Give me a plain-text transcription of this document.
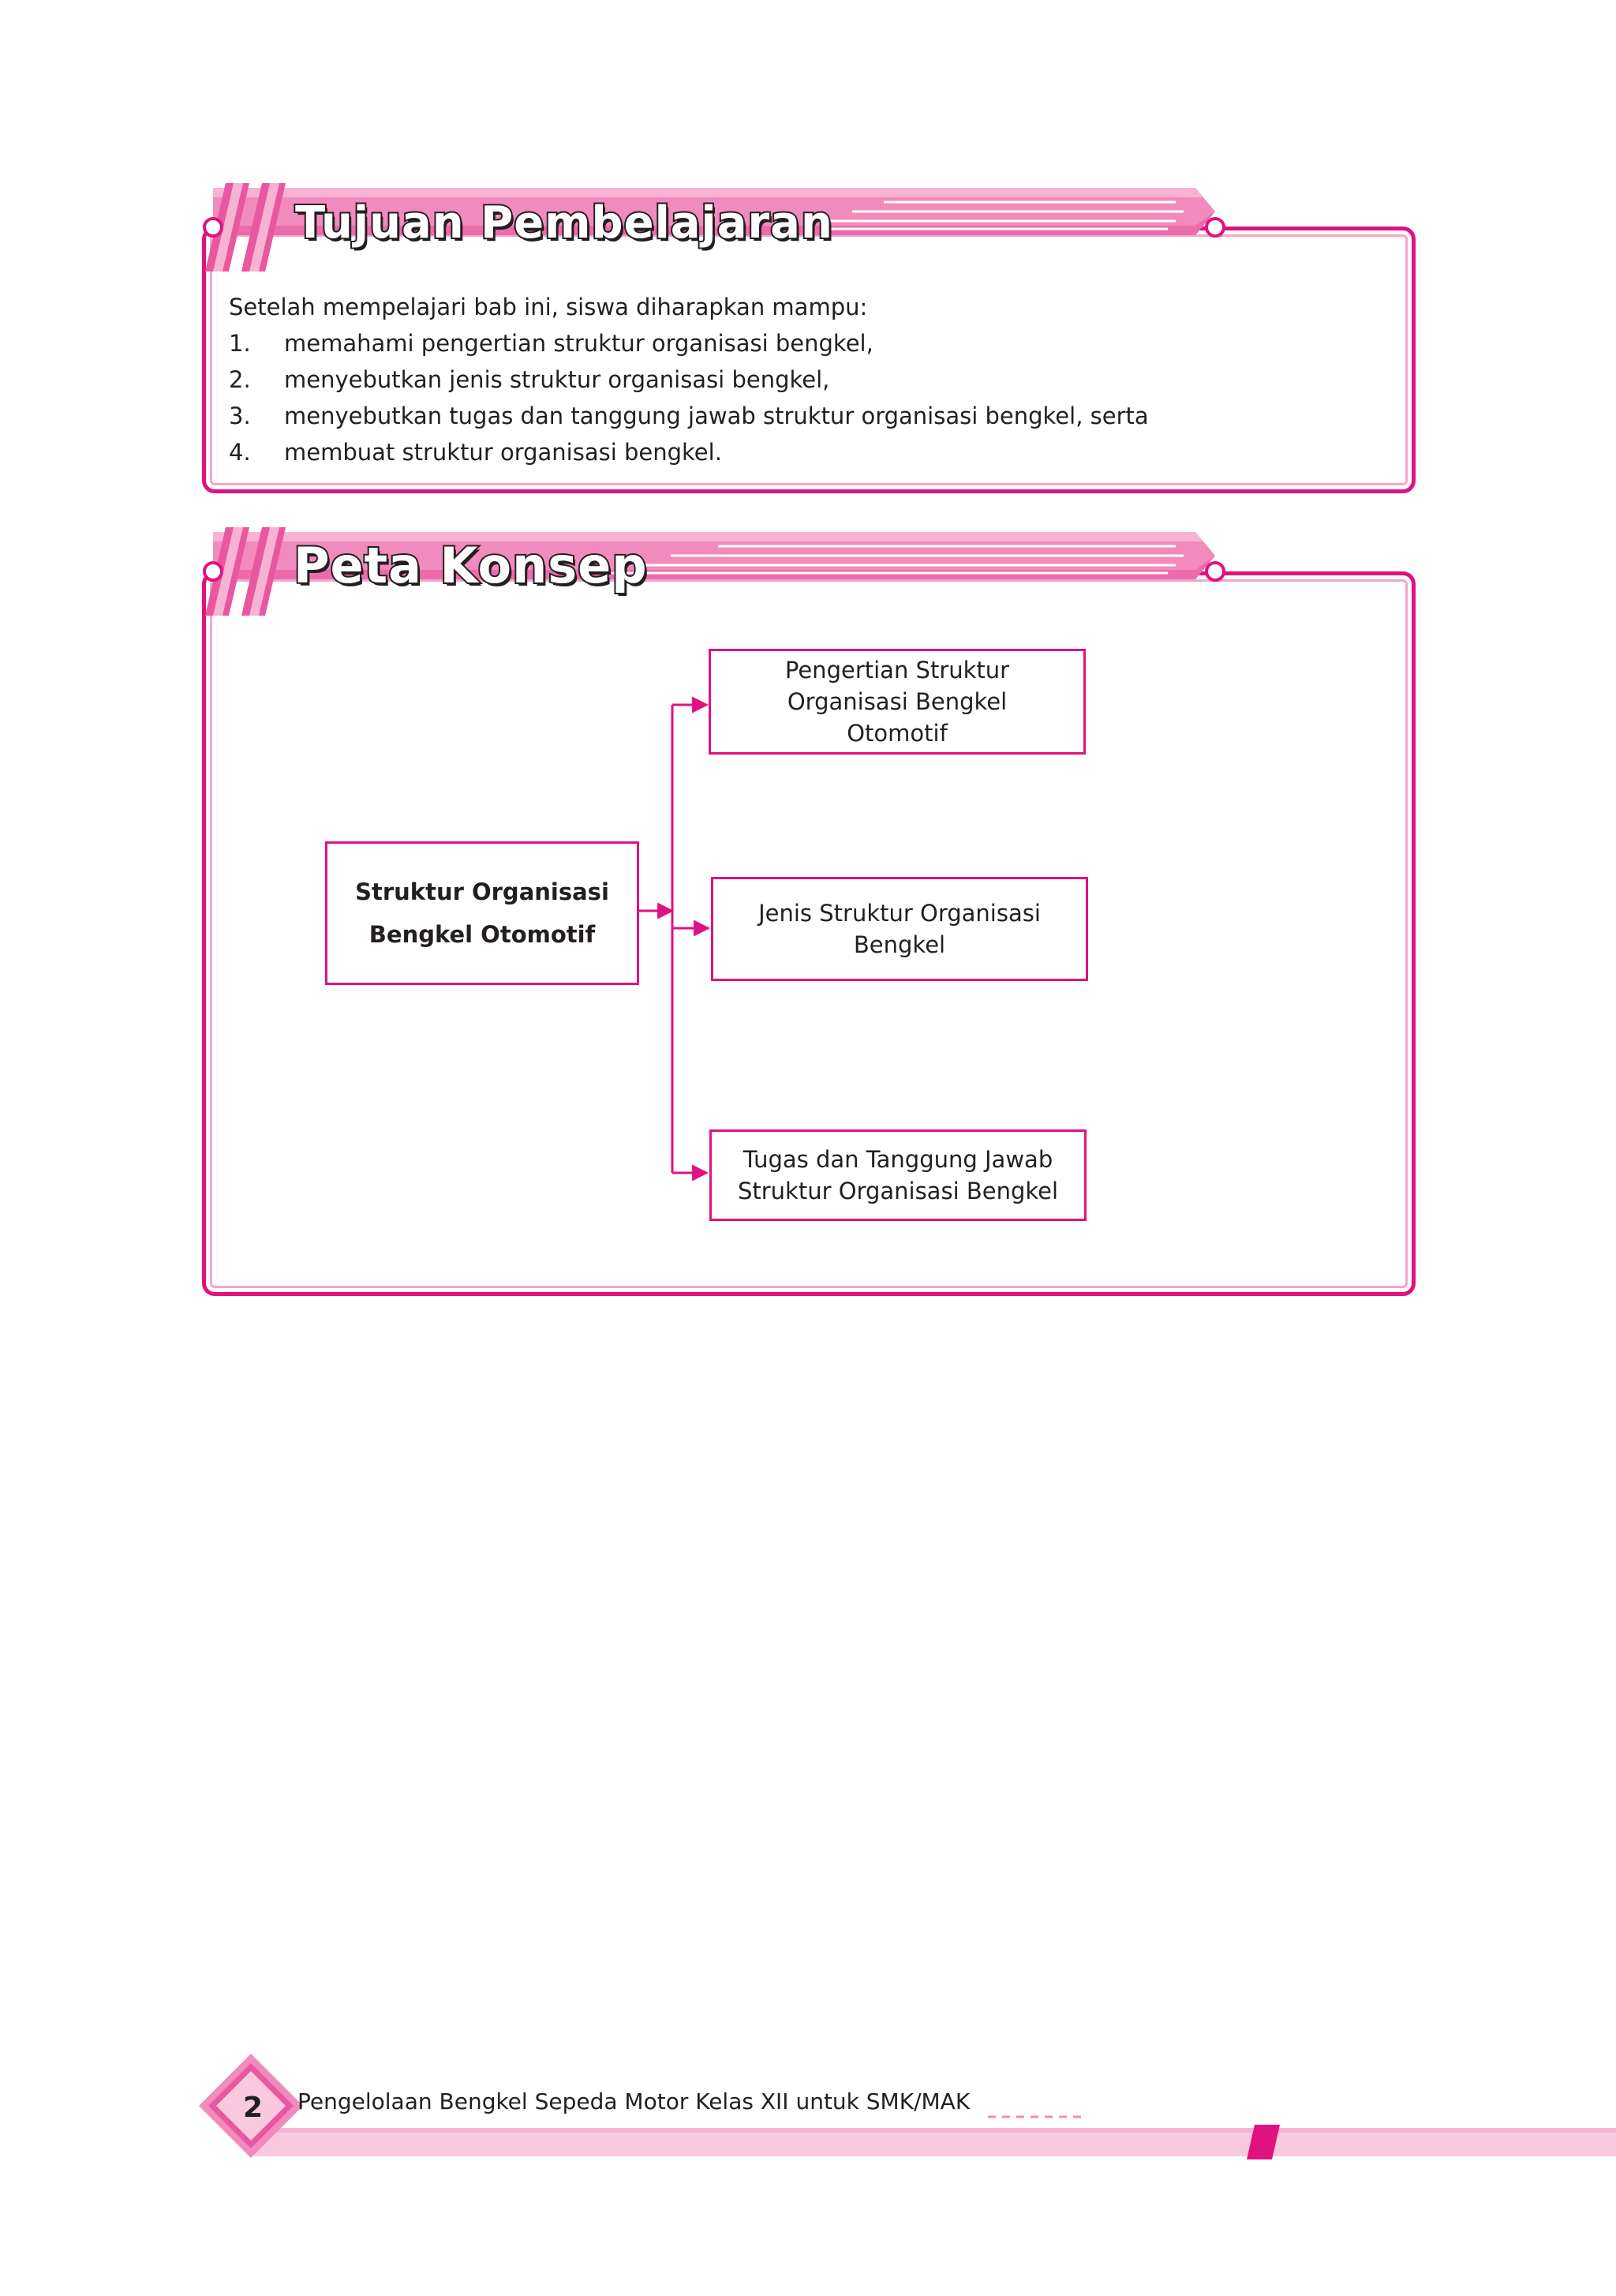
Tujuan Pembelajaran
Setelah mempelajari bab ini, siswa diharapkan mampu:
1. memahami pengertian struktur organisasi bengkel,
2. menyebutkan jenis struktur organisasi bengkel,
3. menyebutkan tugas dan tanggung jawab struktur organisasi bengkel, serta
4. membuat struktur organisasi bengkel.
Peta Konsep
Struktur Organisasi
Bengkel Otomotif
Pengertian Struktur
Organisasi Bengkel
Otomotif
Jenis Struktur Organisasi
Bengkel
Tugas dan Tanggung Jawab
Struktur Organisasi Bengkel
2 Pengelolaan Bengkel Sepeda Motor Kelas XII untuk SMK/MAK
